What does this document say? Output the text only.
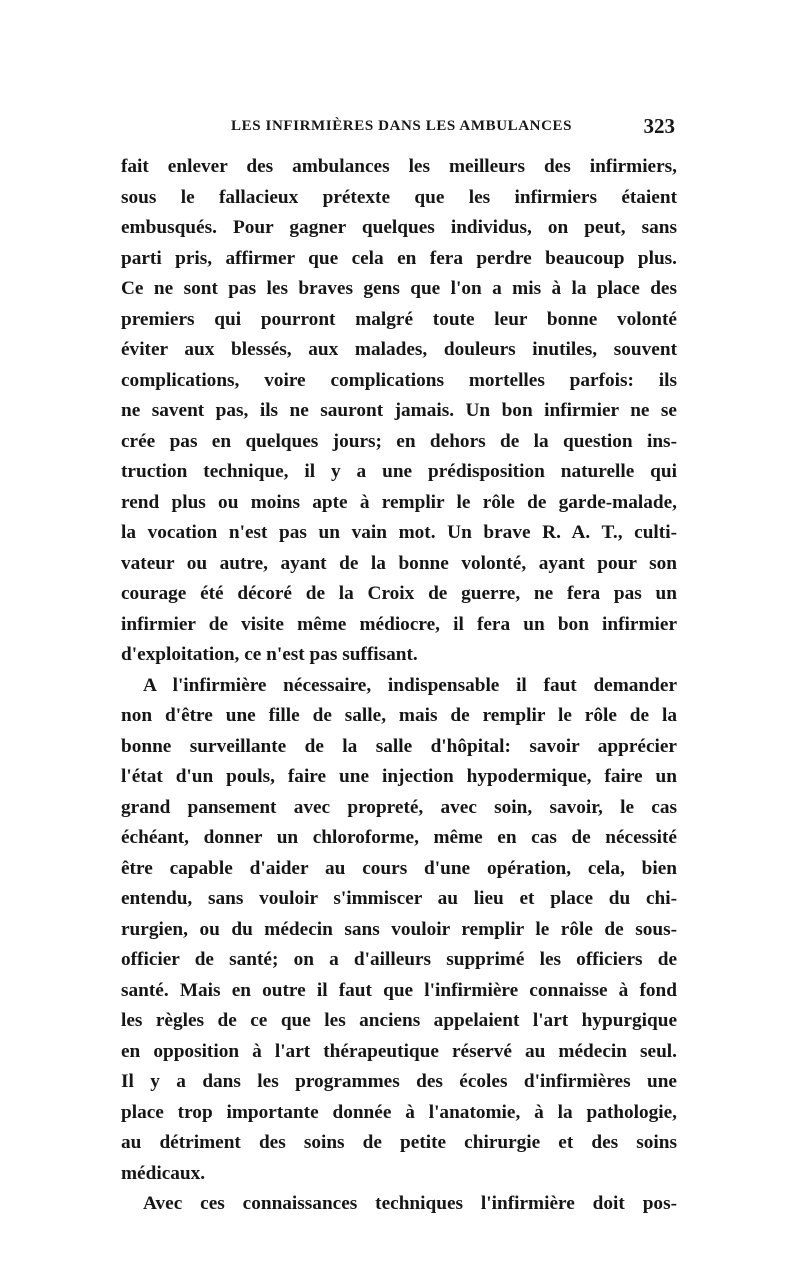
LES INFIRMIÈRES DANS LES AMBULANCES	323
fait enlever des ambulances les meilleurs des infirmiers,
sous le fallacieux prétexte que les infirmiers étaient
embusqués. Pour gagner quelques individus, on peut, sans
parti pris, affirmer que cela en fera perdre beaucoup plus.
Ce ne sont pas les braves gens que l'on a mis à la place des
premiers qui pourront malgré toute leur bonne volonté
éviter aux blessés, aux malades, douleurs inutiles, souvent
complications, voire complications mortelles parfois: ils
ne savent pas, ils ne sauront jamais. Un bon infirmier ne se
crée pas en quelques jours; en dehors de la question ins-
truction technique, il y a une prédisposition naturelle qui
rend plus ou moins apte à remplir le rôle de garde-malade,
la vocation n'est pas un vain mot. Un brave R. A. T., culti-
vateur ou autre, ayant de la bonne volonté, ayant pour son
courage été décoré de la Croix de guerre, ne fera pas un
infirmier de visite même médiocre, il fera un bon infirmier
d'exploitation, ce n'est pas suffisant.
A l'infirmière nécessaire, indispensable il faut demander
non d'être une fille de salle, mais de remplir le rôle de la
bonne surveillante de la salle d'hôpital: savoir apprécier
l'état d'un pouls, faire une injection hypodermique, faire un
grand pansement avec propreté, avec soin, savoir, le cas
échéant, donner un chloroforme, même en cas de nécessité
être capable d'aider au cours d'une opération, cela, bien
entendu, sans vouloir s'immiscer au lieu et place du chi-
rurgien, ou du médecin sans vouloir remplir le rôle de sous-
officier de santé; on a d'ailleurs supprimé les officiers de
santé. Mais en outre il faut que l'infirmière connaisse à fond
les règles de ce que les anciens appelaient l'art hypurgique
en opposition à l'art thérapeutique réservé au médecin seul.
Il y a dans les programmes des écoles d'infirmières une
place trop importante donnée à l'anatomie, à la pathologie,
au détriment des soins de petite chirurgie et des soins
médicaux.
Avec ces connaissances techniques l'infirmière doit pos-
